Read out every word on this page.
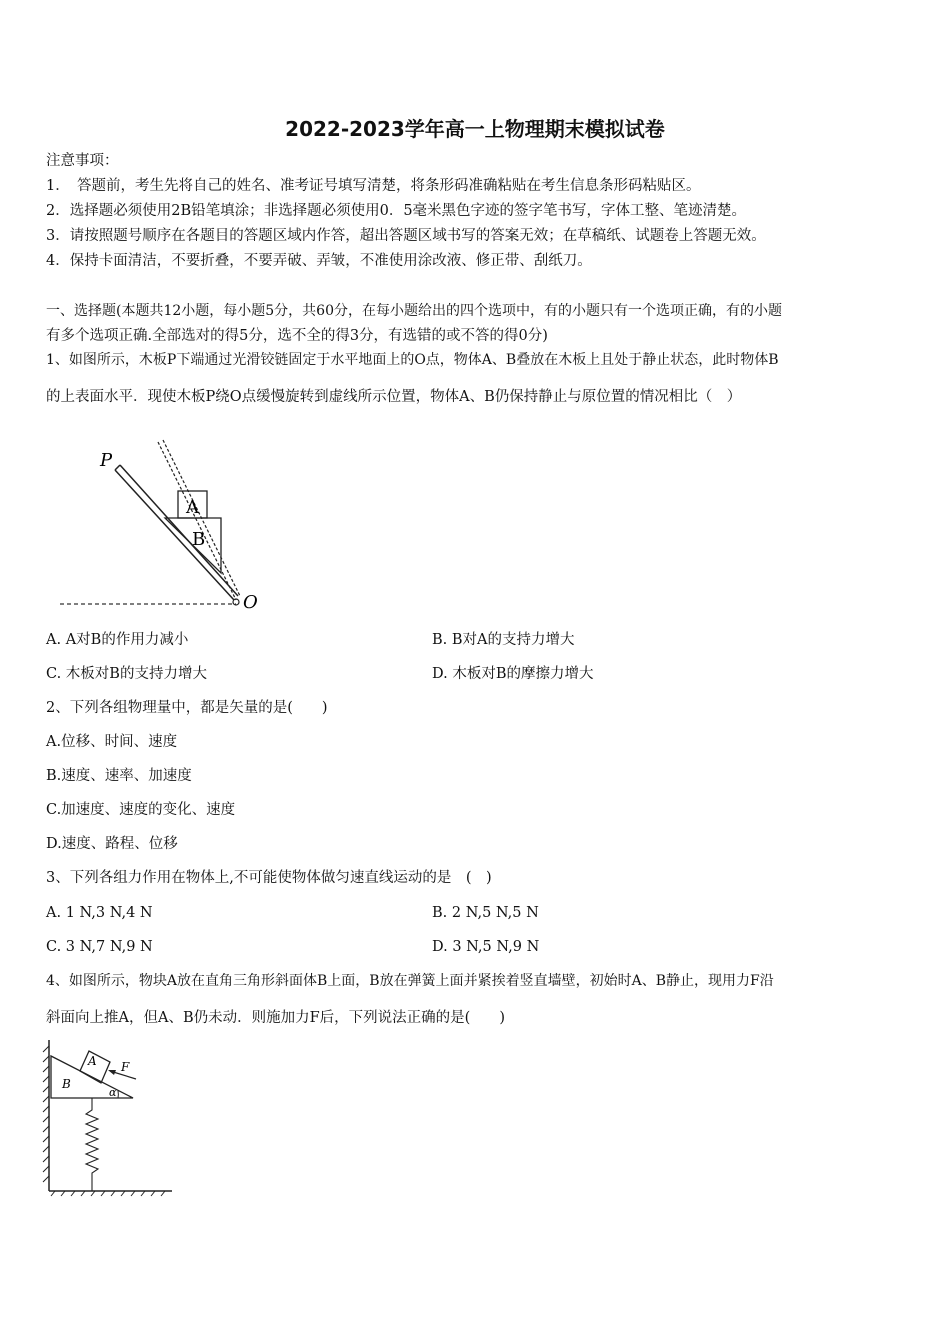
2022-2023学年高一上物理期末模拟试卷
注意事项：
1．　答题前，考生先将自己的姓名、准考证号填写清楚，将条形码准确粘贴在考生信息条形码粘贴区。
2．选择题必须使用2B铅笔填涂；非选择题必须使用0．5毫米黑色字迹的签字笔书写，字体工整、笔迹清楚。
3．请按照题号顺序在各题目的答题区域内作答，超出答题区域书写的答案无效；在草稿纸、试题卷上答题无效。
4．保持卡面清洁，不要折叠，不要弄破、弄皱，不准使用涂改液、修正带、刮纸刀。
一、选择题(本题共12小题，每小题5分，共60分，在每小题给出的四个选项中，有的小题只有一个选项正确，有的小题
有多个选项正确.全部选对的得5分，选不全的得3分，有选错的或不答的得0分)
1、如图所示，木板P下端通过光滑铰链固定于水平地面上的O点，物体A、B叠放在木板上且处于静止状态，此时物体B
的上表面水平．现使木板P绕O点缓慢旋转到虚线所示位置，物体A、B仍保持静止与原位置的情况相比（　）
P
A
B
O
A. A对B的作用力减小	B. B对A的支持力增大
C. 木板对B的支持力增大	D. 木板对B的摩擦力增大
2、下列各组物理量中，都是矢量的是(　　)
A.位移、时间、速度
B.速度、速率、加速度
C.加速度、速度的变化、速度
D.速度、路程、位移
3、下列各组力作用在物体上,不可能使物体做匀速直线运动的是　(　)
A. 1 N,3 N,4 N	B. 2 N,5 N,5 N
C. 3 N,7 N,9 N	D. 3 N,5 N,9 N
4、如图所示，物块A放在直角三角形斜面体B上面，B放在弹簧上面并紧挨着竖直墙壁，初始时A、B静止，现用力F沿
斜面向上推A，但A、B仍未动．则施加力F后，下列说法正确的是(　　)
A
B
F
α
